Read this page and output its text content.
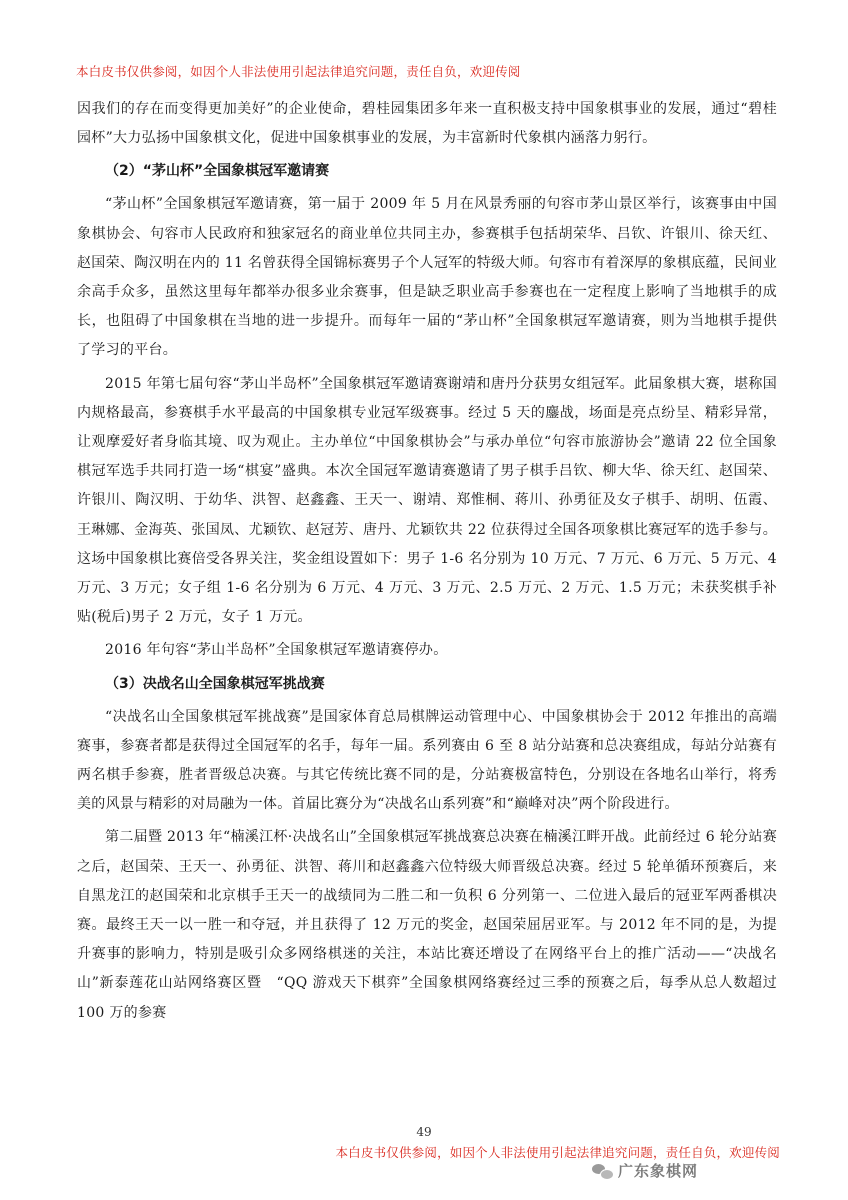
本白皮书仅供参阅，如因个人非法使用引起法律追究问题，责任自负，欢迎传阅

因我们的存在而变得更加美好”的企业使命，碧桂园集团多年来一直积极支持中国象棋事业的发展，通过“碧桂园杯”大力弘扬中国象棋文化，促进中国象棋事业的发展，为丰富新时代象棋内涵落力躬行。

（2）“茅山杯”全国象棋冠军邀请赛

“茅山杯”全国象棋冠军邀请赛，第一届于 2009 年 5 月在风景秀丽的句容市茅山景区举行，该赛事由中国象棋协会、句容市人民政府和独家冠名的商业单位共同主办，参赛棋手包括胡荣华、吕钦、许银川、徐天红、赵国荣、陶汉明在内的 11 名曾获得全国锦标赛男子个人冠军的特级大师。句容市有着深厚的象棋底蕴，民间业余高手众多，虽然这里每年都举办很多业余赛事，但是缺乏职业高手参赛也在一定程度上影响了当地棋手的成长，也阻碍了中国象棋在当地的进一步提升。而每年一届的“茅山杯”全国象棋冠军邀请赛，则为当地棋手提供了学习的平台。

2015 年第七届句容“茅山半岛杯”全国象棋冠军邀请赛谢靖和唐丹分获男女组冠军。此届象棋大赛，堪称国内规格最高，参赛棋手水平最高的中国象棋专业冠军级赛事。经过 5 天的鏖战，场面是亮点纷呈、精彩异常，让观摩爱好者身临其境、叹为观止。主办单位“中国象棋协会”与承办单位“句容市旅游协会”邀请 22 位全国象棋冠军选手共同打造一场“棋宴”盛典。本次全国冠军邀请赛邀请了男子棋手吕钦、柳大华、徐天红、赵国荣、许银川、陶汉明、于幼华、洪智、赵鑫鑫、王天一、谢靖、郑惟桐、蒋川、孙勇征及女子棋手、胡明、伍霞、王琳娜、金海英、张国凤、尤颖钦、赵冠芳、唐丹、尤颖钦共 22 位获得过全国各项象棋比赛冠军的选手参与。这场中国象棋比赛倍受各界关注，奖金组设置如下：男子 1-6 名分别为 10 万元、7 万元、6 万元、5 万元、4 万元、3 万元；女子组 1-6 名分别为 6 万元、4 万元、3 万元、2.5 万元、2 万元、1.5 万元；未获奖棋手补贴(税后)男子 2 万元，女子 1 万元。

2016 年句容“茅山半岛杯”全国象棋冠军邀请赛停办。

（3）决战名山全国象棋冠军挑战赛

“决战名山全国象棋冠军挑战赛”是国家体育总局棋牌运动管理中心、中国象棋协会于 2012 年推出的高端赛事，参赛者都是获得过全国冠军的名手，每年一届。系列赛由 6 至 8 站分站赛和总决赛组成，每站分站赛有两名棋手参赛，胜者晋级总决赛。与其它传统比赛不同的是，分站赛极富特色，分别设在各地名山举行，将秀美的风景与精彩的对局融为一体。首届比赛分为“决战名山系列赛”和“巅峰对决”两个阶段进行。

第二届暨 2013 年“楠溪江杯·决战名山”全国象棋冠军挑战赛总决赛在楠溪江畔开战。此前经过 6 轮分站赛之后，赵国荣、王天一、孙勇征、洪智、蒋川和赵鑫鑫六位特级大师晋级总决赛。经过 5 轮单循环预赛后，来自黑龙江的赵国荣和北京棋手王天一的战绩同为二胜二和一负积 6 分列第一、二位进入最后的冠亚军两番棋决赛。最终王天一以一胜一和夺冠，并且获得了 12 万元的奖金，赵国荣屈居亚军。与 2012 年不同的是，为提升赛事的影响力，特别是吸引众多网络棋迷的关注，本站比赛还增设了在网络平台上的推广活动——“决战名山”新泰莲花山站网络赛区暨　“QQ 游戏天下棋弈”全国象棋网络赛经过三季的预赛之后，每季从总人数超过 100 万的参赛

49
本白皮书仅供参阅，如因个人非法使用引起法律追究问题，责任自负，欢迎传阅
广东象棋网
